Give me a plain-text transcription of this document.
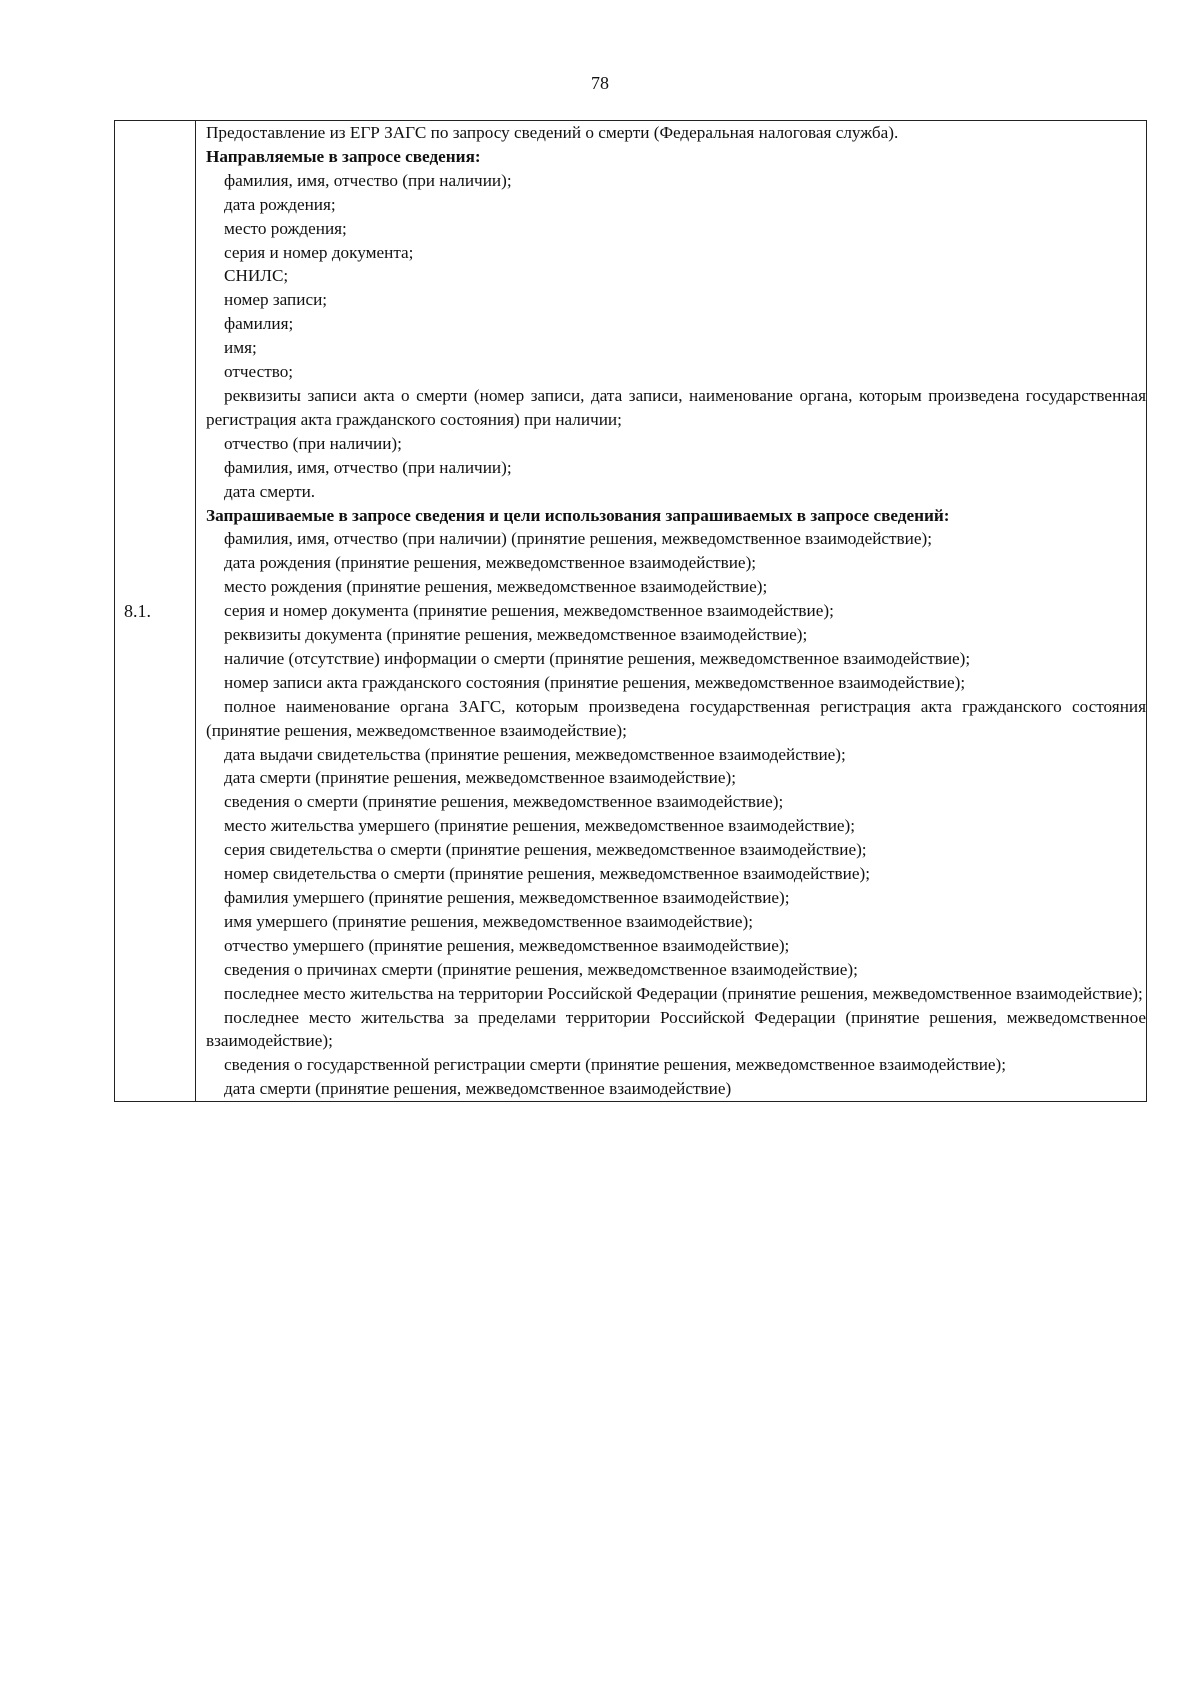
78
8.1.	
Предоставление из ЕГР ЗАГС по запросу сведений о смерти (Федеральная налоговая служба).
Направляемые в запросе сведения:
фамилия, имя, отчество (при наличии);
дата рождения;
место рождения;
серия и номер документа;
СНИЛС;
номер записи;
фамилия;
имя;
отчество;
реквизиты записи акта о смерти (номер записи, дата записи, наименование органа, которым произведена государственная регистрация акта гражданского состояния) при наличии;
отчество (при наличии);
фамилия, имя, отчество (при наличии);
дата смерти.
Запрашиваемые в запросе сведения и цели использования запрашиваемых в запросе сведений:
фамилия, имя, отчество (при наличии) (принятие решения, межведомственное взаимодействие);
дата рождения (принятие решения, межведомственное взаимодействие);
место рождения (принятие решения, межведомственное взаимодействие);
серия и номер документа (принятие решения, межведомственное взаимодействие);
реквизиты документа (принятие решения, межведомственное взаимодействие);
наличие (отсутствие) информации о смерти (принятие решения, межведомственное взаимодействие);
номер записи акта гражданского состояния (принятие решения, межведомственное взаимодействие);
полное наименование органа ЗАГС, которым произведена государственная регистрация акта гражданского состояния (принятие решения, межведомственное взаимодействие);
дата выдачи свидетельства (принятие решения, межведомственное взаимодействие);
дата смерти (принятие решения, межведомственное взаимодействие);
сведения о смерти (принятие решения, межведомственное взаимодействие);
место жительства умершего (принятие решения, межведомственное взаимодействие);
серия свидетельства о смерти (принятие решения, межведомственное взаимодействие);
номер свидетельства о смерти (принятие решения, межведомственное взаимодействие);
фамилия умершего (принятие решения, межведомственное взаимодействие);
имя умершего (принятие решения, межведомственное взаимодействие);
отчество умершего (принятие решения, межведомственное взаимодействие);
сведения о причинах смерти (принятие решения, межведомственное взаимодействие);
последнее место жительства на территории Российской Федерации (принятие решения, межведомственное взаимодействие);
последнее место жительства за пределами территории Российской Федерации (принятие решения, межведомственное взаимодействие);
сведения о государственной регистрации смерти (принятие решения, межведомственное взаимодействие);
дата смерти (принятие решения, межведомственное взаимодействие)
